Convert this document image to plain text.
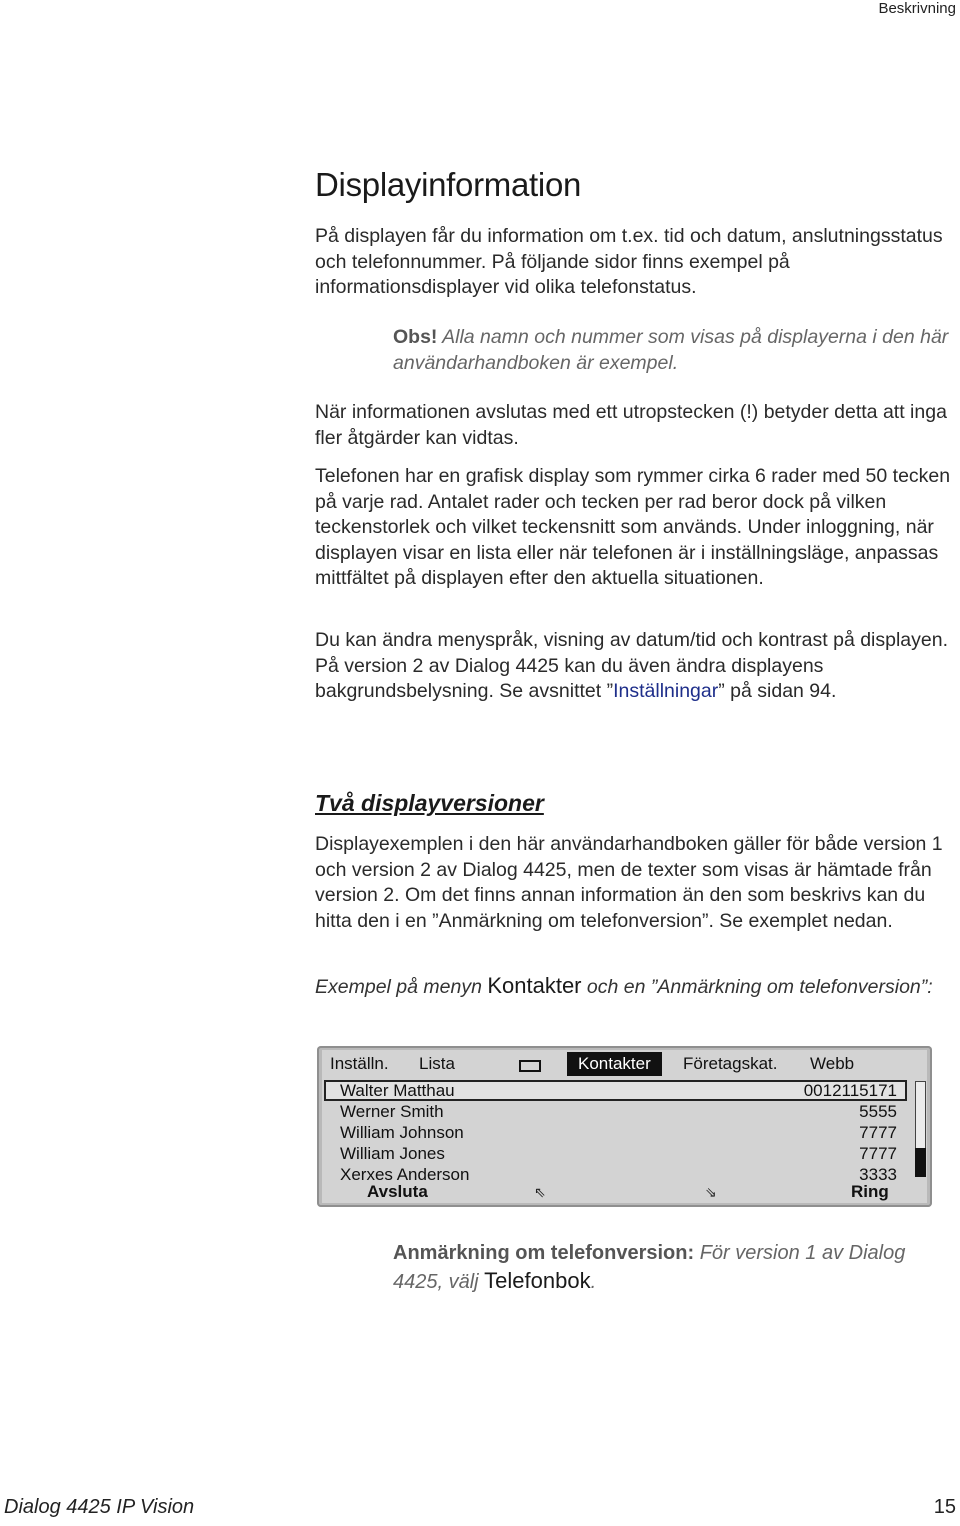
Beskrivning
Displayinformation
På displayen får du information om t.ex. tid och datum, anslutningsstatus och telefonnummer. På följande sidor finns exempel på informationsdisplayer vid olika telefonstatus.
Obs! Alla namn och nummer som visas på displayerna i den här användarhandboken är exempel.
När informationen avslutas med ett utropstecken (!) betyder detta att inga fler åtgärder kan vidtas.
Telefonen har en grafisk display som rymmer cirka 6 rader med 50 tecken på varje rad. Antalet rader och tecken per rad beror dock på vilken teckenstorlek och vilket teckensnitt som används. Under inloggning, när displayen visar en lista eller när telefonen är i inställningsläge, anpassas mittfältet på displayen efter den aktuella situationen.
Du kan ändra menyspråk, visning av datum/tid och kontrast på displayen. På version 2 av Dialog 4425 kan du även ändra displayens bakgrundsbelysning. Se avsnittet ”Inställningar” på sidan 94.
Två displayversioner
Displayexemplen i den här användarhandboken gäller för både version 1 och version 2 av Dialog 4425, men de texter som visas är hämtade från version 2. Om det finns annan information än den som beskrivs kan du hitta den i en ”Anmärkning om telefonversion”. Se exemplet nedan.
Exempel på menyn Kontakter och en ”Anmärkning om telefonversion”:
Inställn. Lista	Kontakter	Företagskat. Webb
Walter Matthau	0012115171
Werner Smith	5555
William Johnson	7777
William Jones	7777
Xerxes Anderson	3333
Avsluta	⇖	⇘	Ring
Anmärkning om telefonversion: För version 1 av Dialog 4425, välj Telefonbok.
Dialog 4425 IP Vision	15
